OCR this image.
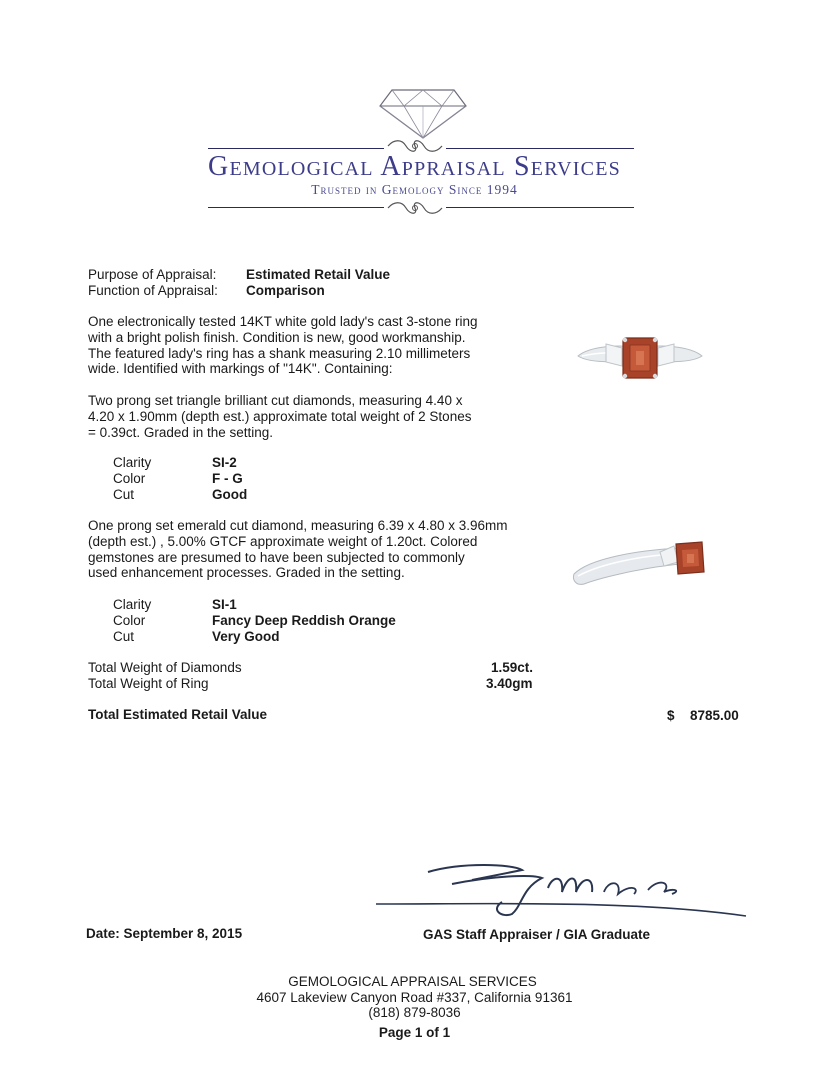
Gemological Appraisal Services
Trusted in Gemology Since 1994
Purpose of Appraisal: Estimated Retail Value
Function of Appraisal: Comparison
One electronically tested 14KT white gold lady's cast 3-stone ring
with a bright polish finish. Condition is new, good workmanship.
The featured lady's ring has a shank measuring 2.10 millimeters
wide. Identified with markings of "14K". Containing:
Two prong set triangle brilliant cut diamonds, measuring 4.40 x
4.20 x 1.90mm (depth est.) approximate total weight of 2 Stones
= 0.39ct. Graded in the setting.
Clarity	SI-2
Color	F - G
Cut	Good
One prong set emerald cut diamond, measuring 6.39 x 4.80 x 3.96mm
(depth est.) , 5.00% GTCF approximate weight of 1.20ct. Colored
gemstones are presumed to have been subjected to commonly
used enhancement processes. Graded in the setting.
Clarity	SI-1
Color	Fancy Deep Reddish Orange
Cut	Very Good
Total Weight of Diamonds	1.59ct.
Total Weight of Ring	3.40gm
Total Estimated Retail Value	$ 8785.00
Date: September 8, 2015	GAS Staff Appraiser / GIA Graduate
GEMOLOGICAL APPRAISAL SERVICES
4607 Lakeview Canyon Road #337, California 91361
(818) 879-8036
Page 1 of 1
